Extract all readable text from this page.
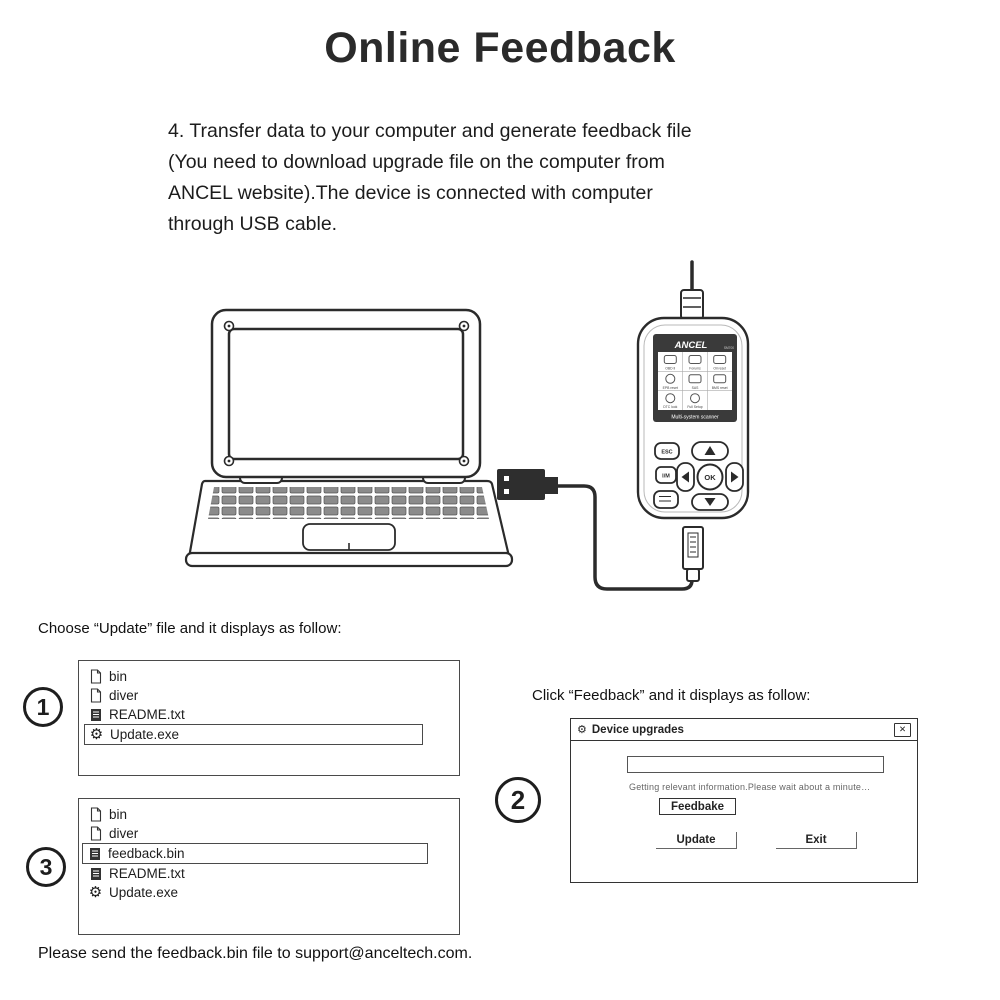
Online Feedback
4. Transfer data to your computer and generate feedback file
(You need to download upgrade file on the computer from
ANCEL website).The device is connected with computer
through USB cable.
ANCEL	SM700
OBD II	Forums	Oil reset
EPB reset	SAS	BMS reset
DTC look	Full Setup
Multi-system scanner
ESC
I/M	OK
Choose “Update” file and it displays as follow:
1
bin
diver
README.txt
⚙ Update.exe
Click “Feedback” and it displays as follow:
2
⚙ Device upgrades	✕
Getting relevant information.Please wait about a minute…
Feedbake
Update	Exit
3
bin
diver
feedback.bin
README.txt
⚙ Update.exe
Please send the feedback.bin file to support@anceltech.com.
